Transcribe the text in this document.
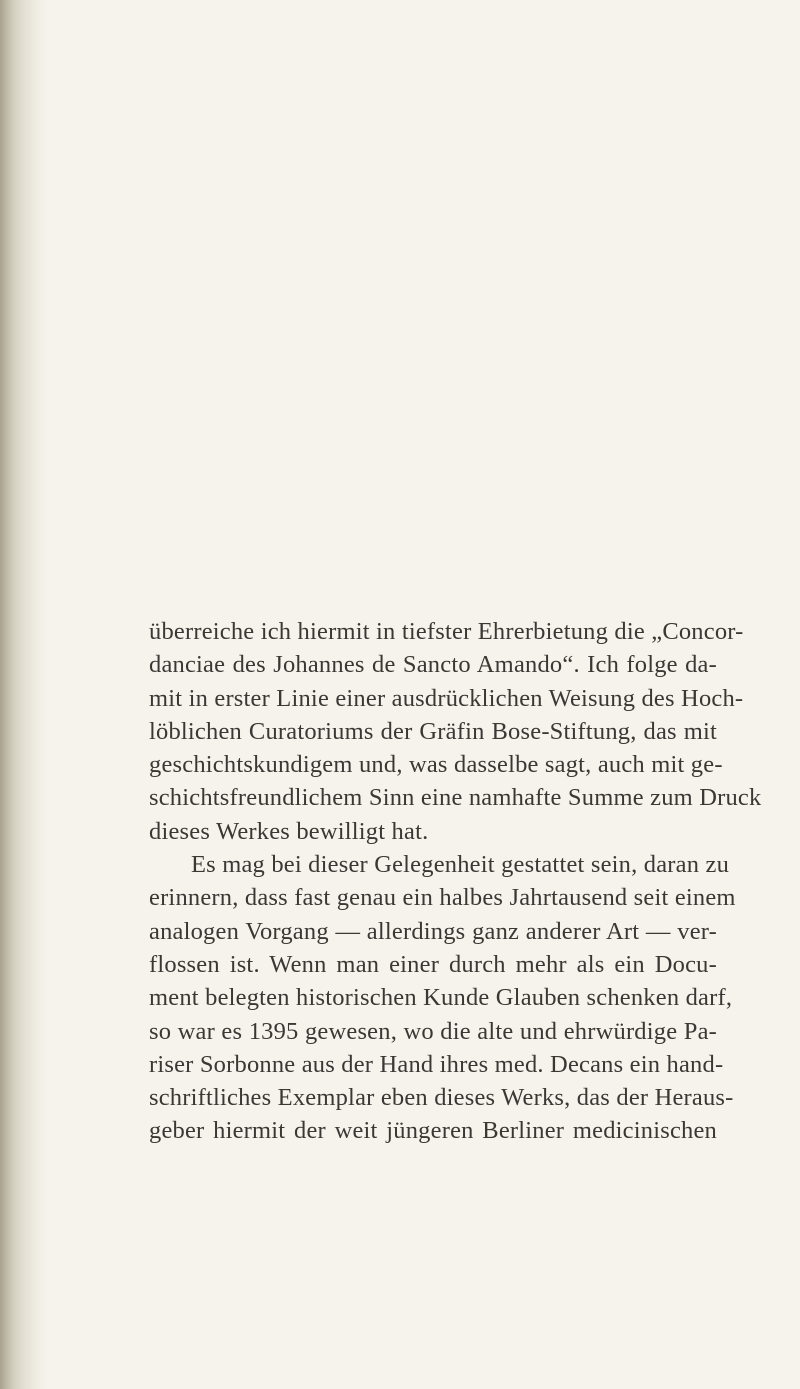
überreiche ich hiermit in tiefster Ehrerbietung die „Concor-
danciae des Johannes de Sancto Amando“. Ich folge da-
mit in erster Linie einer ausdrücklichen Weisung des Hoch-
löblichen Curatoriums der Gräfin Bose-Stiftung, das mit
geschichtskundigem und, was dasselbe sagt, auch mit ge-
schichtsfreundlichem Sinn eine namhafte Summe zum Druck
dieses Werkes bewilligt hat.
Es mag bei dieser Gelegenheit gestattet sein, daran zu
erinnern, dass fast genau ein halbes Jahrtausend seit einem
analogen Vorgang — allerdings ganz anderer Art — ver-
flossen ist. Wenn man einer durch mehr als ein Docu-
ment belegten historischen Kunde Glauben schenken darf,
so war es 1395 gewesen, wo die alte und ehrwürdige Pa-
riser Sorbonne aus der Hand ihres med. Decans ein hand-
schriftliches Exemplar eben dieses Werks, das der Heraus-
geber hiermit der weit jüngeren Berliner medicinischen
